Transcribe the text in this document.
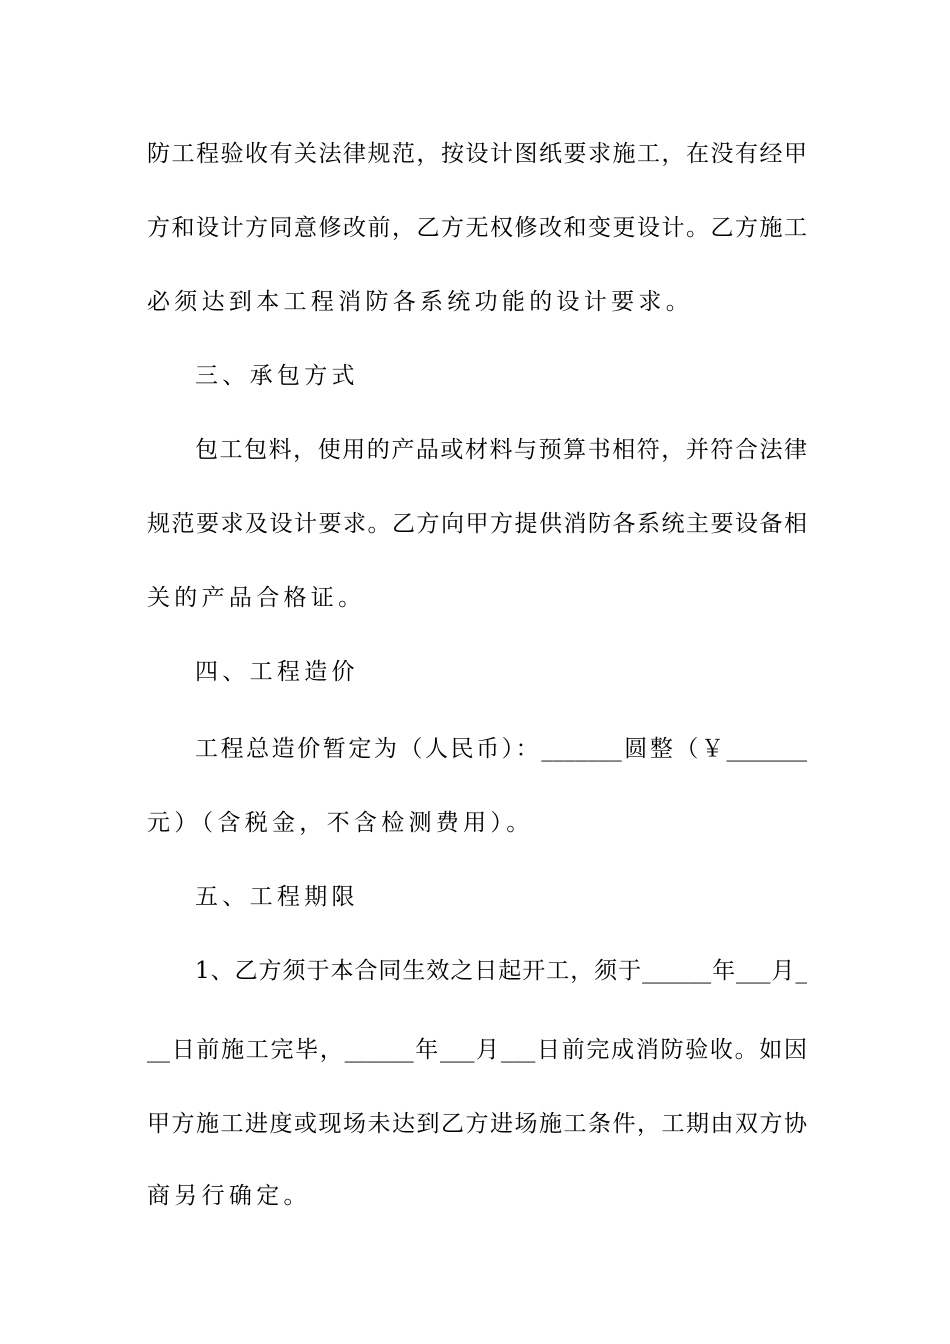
防工程验收有关法律规范，按设计图纸要求施工，在没有经甲
方和设计方同意修改前，乙方无权修改和变更设计。乙方施工
必须达到本工程消防各系统功能的设计要求。
三、承包方式
包工包料，使用的产品或材料与预算书相符，并符合法律
规范要求及设计要求。乙方向甲方提供消防各系统主要设备相
关的产品合格证。
四、工程造价
工程总造价暂定为（人民币）：_______圆整（￥_______
元）（含税金，不含检测费用）。
五、工程期限
1、乙方须于本合同生效之日起开工，须于______年___月_
__日前施工完毕，______年___月___日前完成消防验收。如因
甲方施工进度或现场未达到乙方进场施工条件，工期由双方协
商另行确定。
